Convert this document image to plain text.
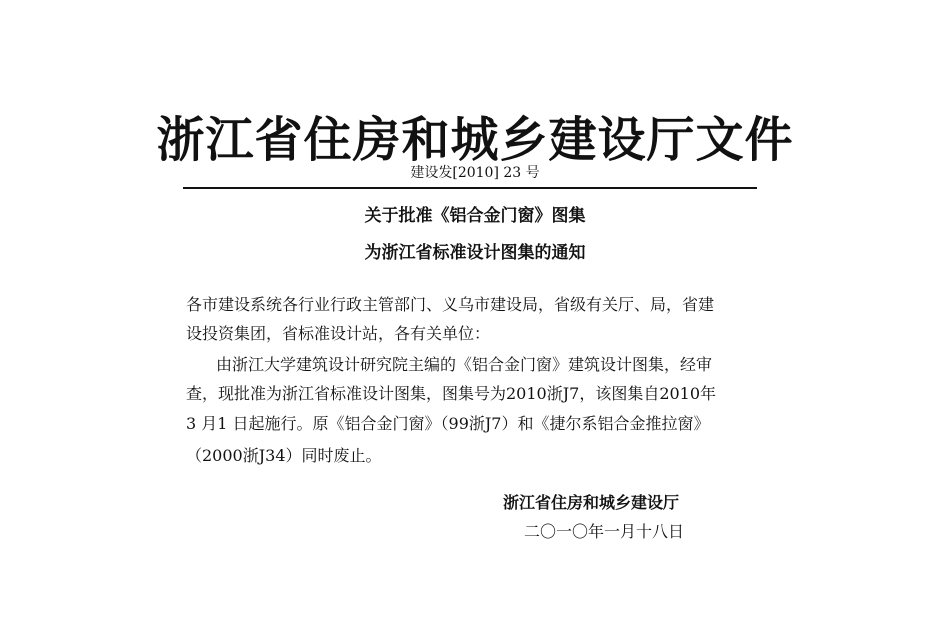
浙江省住房和城乡建设厅文件
建设发[2010] 23 号
关于批准《铝合金门窗》图集
为浙江省标准设计图集的通知
各市建设系统各行业行政主管部门、义乌市建设局，省级有关厅、局，省建
设投资集团，省标准设计站，各有关单位：
由浙江大学建筑设计研究院主编的《铝合金门窗》建筑设计图集，经审
查，现批准为浙江省标准设计图集，图集号为2010浙J7，该图集自2010年
3 月1 日起施行。原《铝合金门窗》（99浙J7）和《捷尔系铝合金推拉窗》
（2000浙J34）同时废止。
浙江省住房和城乡建设厅
二〇一〇年一月十八日
